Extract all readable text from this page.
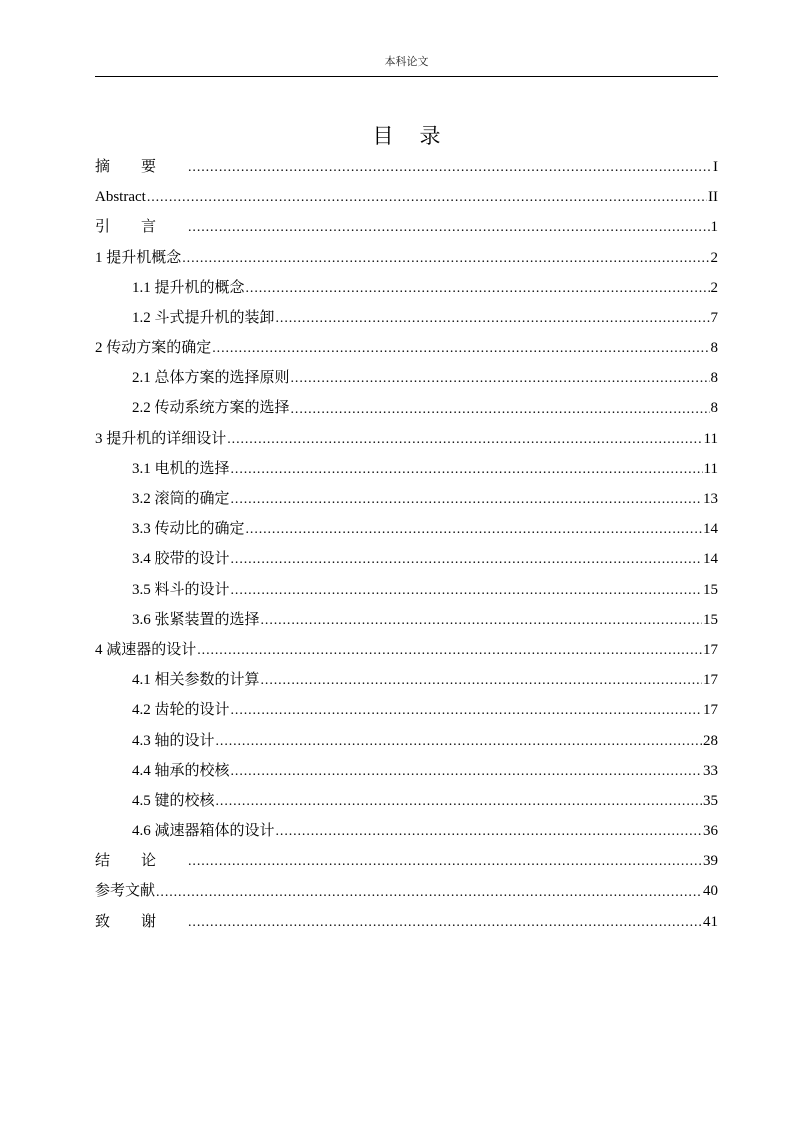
本科论文
目录
摘要 .....	I
Abstract .....	II
引言 .....	1
1 提升机概念 .....	2
1.1 提升机的概念 .....	2
1.2 斗式提升机的装卸 .....	7
2 传动方案的确定 .....	8
2.1 总体方案的选择原则 .....	8
2.2 传动系统方案的选择 .....	8
3 提升机的详细设计 .....	11
3.1 电机的选择 .....	11
3.2 滚筒的确定 .....	13
3.3 传动比的确定 .....	14
3.4 胶带的设计 .....	14
3.5 料斗的设计 .....	15
3.6 张紧装置的选择 .....	15
4 减速器的设计 .....	17
4.1 相关参数的计算 .....	17
4.2 齿轮的设计 .....	17
4.3 轴的设计 .....	28
4.4 轴承的校核 .....	33
4.5 键的校核 .....	35
4.6 减速器箱体的设计 .....	36
结论 .....	39
参考文献 .....	40
致谢 .....	41
